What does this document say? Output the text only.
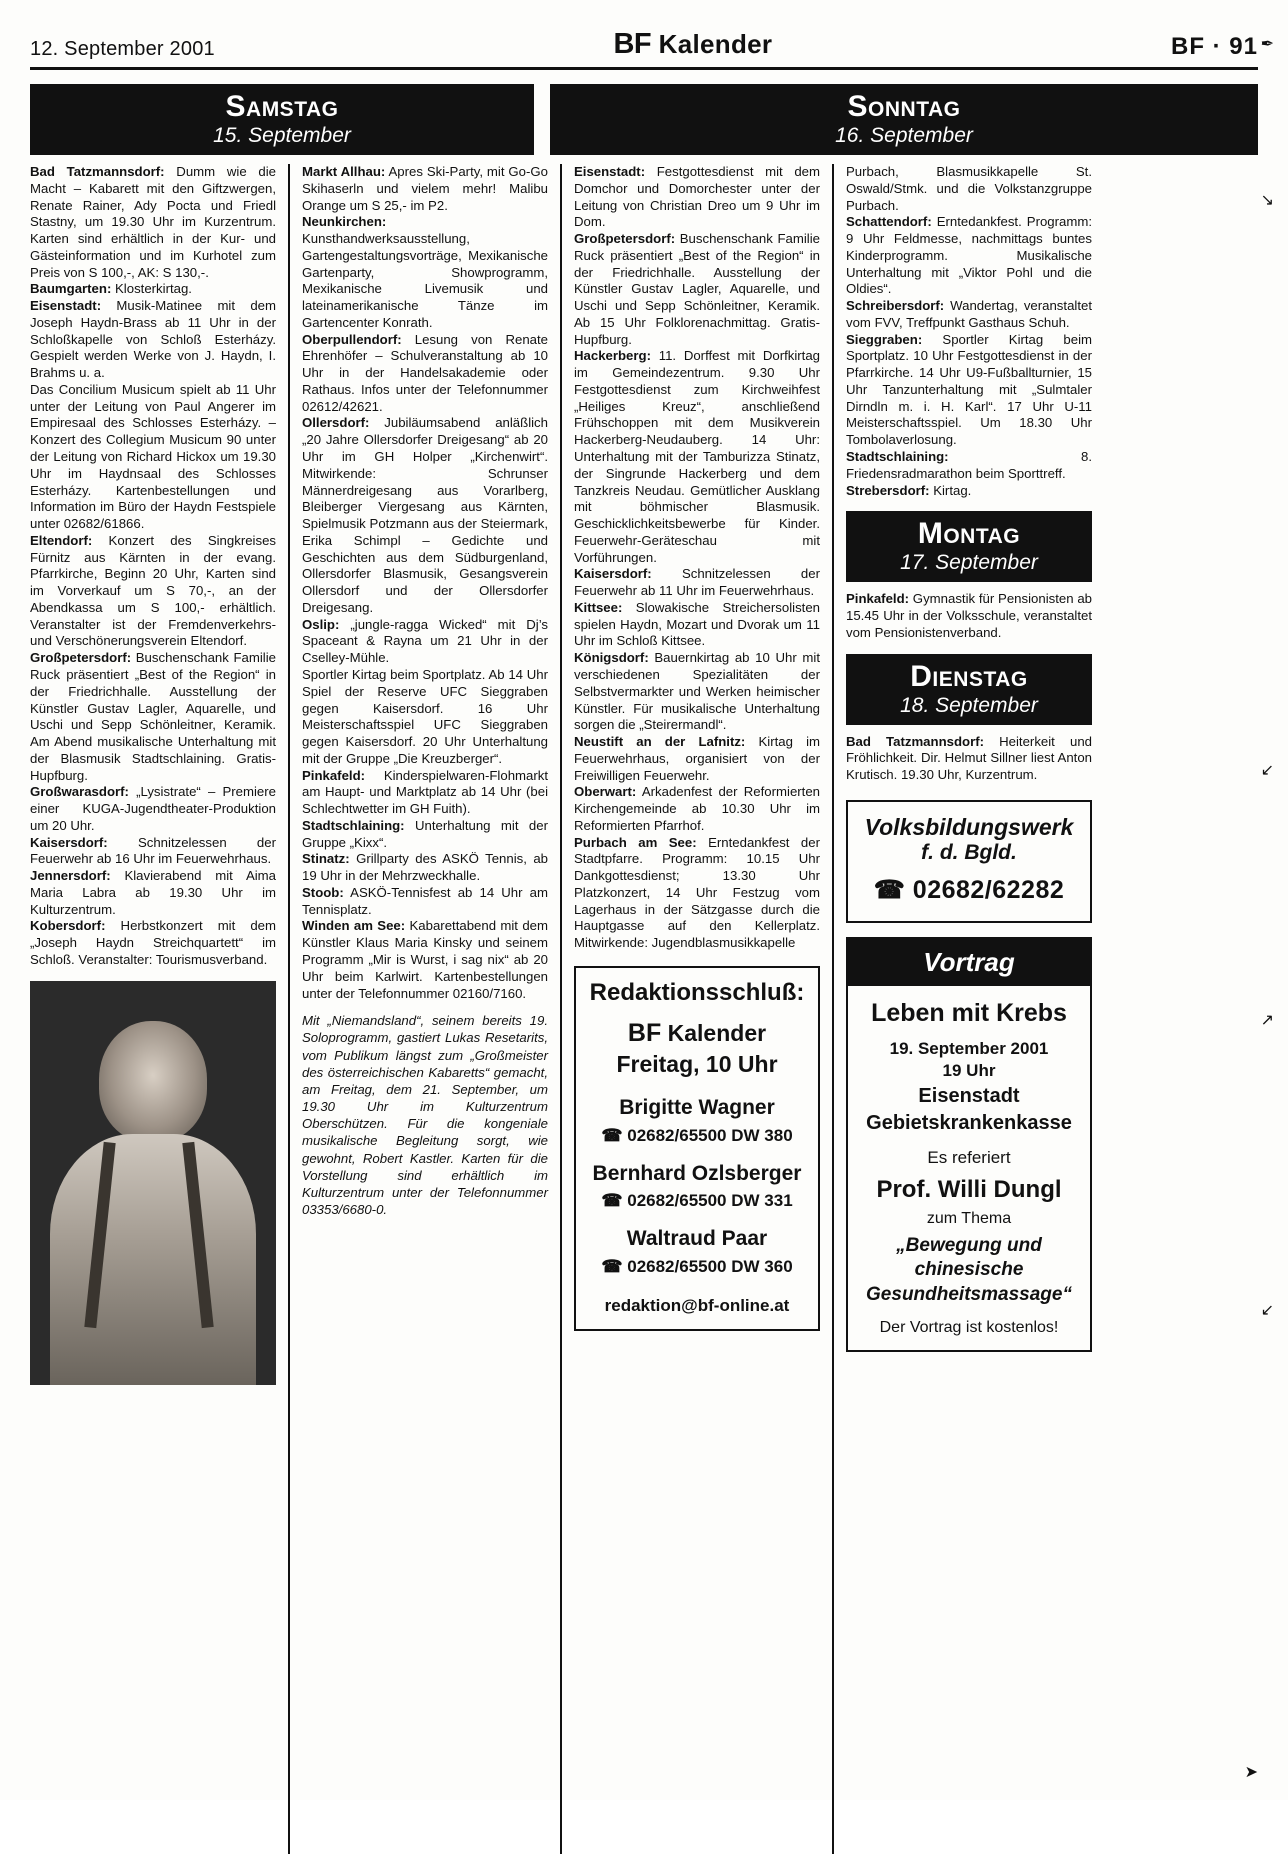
12. September 2001	BF Kalender	BF · 91
Samstag
15. September
Sonntag
16. September

Bad Tatzmannsdorf: Dumm wie die Macht – Kabarett mit den Giftzwergen, Renate Rainer, Ady Pocta und Friedl Stastny, um 19.30 Uhr im Kurzentrum. Karten sind erhältlich in der Kur- und Gästeinformation und im Kurhotel zum Preis von S 100,-, AK: S 130,-.

Baumgarten: Klosterkirtag.

Eisenstadt: Musik-Matinee mit dem Joseph Haydn-Brass ab 11 Uhr in der Schloßkapelle von Schloß Esterházy. Gespielt werden Werke von J. Haydn, I. Brahms u. a.

Das Concilium Musicum spielt ab 11 Uhr unter der Leitung von Paul Angerer im Empiresaal des Schlosses Esterházy. – Konzert des Collegium Musicum 90 unter der Leitung von Richard Hickox um 19.30 Uhr im Haydnsaal des Schlosses Esterházy. Kartenbestellungen und Information im Büro der Haydn Festspiele unter 02682/61866.

Eltendorf: Konzert des Singkreises Fürnitz aus Kärnten in der evang. Pfarrkirche, Beginn 20 Uhr, Karten sind im Vorverkauf um S 70,-, an der Abendkassa um S 100,- erhältlich. Veranstalter ist der Fremdenverkehrs- und Verschönerungsverein Eltendorf.

Großpetersdorf: Buschenschank Familie Ruck präsentiert „Best of the Region“ in der Friedrichhalle. Ausstellung der Künstler Gustav Lagler, Aquarelle, und Uschi und Sepp Schönleitner, Keramik. Am Abend musikalische Unterhaltung mit der Blasmusik Stadtschlaining. Gratis-Hupfburg.

Großwarasdorf: „Lysistrate“ – Premiere einer KUGA-Jugendtheater-Produktion um 20 Uhr.

Kaisersdorf: Schnitzelessen der Feuerwehr ab 16 Uhr im Feuerwehrhaus.

Jennersdorf: Klavierabend mit Aima Maria Labra ab 19.30 Uhr im Kulturzentrum.

Kobersdorf: Herbstkonzert mit dem „Joseph Haydn Streichquartett“ im Schloß. Veranstalter: Tourismusverband.

Markt Allhau: Apres Ski-Party, mit Go-Go Skihaserln und vielem mehr! Malibu Orange um S 25,- im P2.

Neunkirchen: Kunsthandwerksausstellung, Gartengestaltungsvorträge, Mexikanische Gartenparty, Showprogramm, Mexikanische Livemusik und lateinamerikanische Tänze im Gartencenter Konrath.

Oberpullendorf: Lesung von Renate Ehrenhöfer – Schulveranstaltung ab 10 Uhr in der Handelsakademie oder Rathaus. Infos unter der Telefonnummer 02612/42621.

Ollersdorf: Jubiläumsabend anläßlich „20 Jahre Ollersdorfer Dreigesang“ ab 20 Uhr im GH Holper „Kirchenwirt“. Mitwirkende: Schrunser Männerdreigesang aus Vorarlberg, Bleiberger Viergesang aus Kärnten, Spielmusik Potzmann aus der Steiermark, Erika Schimpl – Gedichte und Geschichten aus dem Südburgenland, Ollersdorfer Blasmusik, Gesangsverein Ollersdorf und der Ollersdorfer Dreigesang.

Oslip: „jungle-ragga Wicked“ mit Dj’s Spaceant & Rayna um 21 Uhr in der Cselley-Mühle.

Sportler Kirtag beim Sportplatz. Ab 14 Uhr Spiel der Reserve UFC Sieggraben gegen Kaisersdorf. 16 Uhr Meisterschaftsspiel UFC Sieggraben gegen Kaisersdorf. 20 Uhr Unterhaltung mit der Gruppe „Die Kreuzberger“.

Pinkafeld: Kinderspielwaren-Flohmarkt am Haupt- und Marktplatz ab 14 Uhr (bei Schlechtwetter im GH Fuith).

Stadtschlaining: Unterhaltung mit der Gruppe „Kixx“.

Stinatz: Grillparty des ASKÖ Tennis, ab 19 Uhr in der Mehrzweckhalle.

Stoob: ASKÖ-Tennisfest ab 14 Uhr am Tennisplatz.

Winden am See: Kabarettabend mit dem Künstler Klaus Maria Kinsky und seinem Programm „Mir is Wurst, i sag nix“ ab 20 Uhr beim Karlwirt. Kartenbestellungen unter der Telefonnummer 02160/7160.

Mit „Niemandsland“, seinem bereits 19. Soloprogramm, gastiert Lukas Resetarits, vom Publikum längst zum „Großmeister des österreichischen Kabaretts“ gemacht, am Freitag, dem 21. September, um 19.30 Uhr im Kulturzentrum Oberschützen. Für die kongeniale musikalische Begleitung sorgt, wie gewohnt, Robert Kastler. Karten für die Vorstellung sind erhältlich im Kulturzentrum unter der Telefonnummer 03353/6680-0.

Eisenstadt: Festgottesdienst mit dem Domchor und Domorchester unter der Leitung von Christian Dreo um 9 Uhr im Dom.

Großpetersdorf: Buschenschank Familie Ruck präsentiert „Best of the Region“ in der Friedrichhalle. Ausstellung der Künstler Gustav Lagler, Aquarelle, und Uschi und Sepp Schönleitner, Keramik. Ab 15 Uhr Folklorenachmittag. Gratis-Hupfburg.

Hackerberg: 11. Dorffest mit Dorfkirtag im Gemeindezentrum. 9.30 Uhr Festgottesdienst zum Kirchweihfest „Heiliges Kreuz“, anschließend Frühschoppen mit dem Musikverein Hackerberg-Neudauberg. 14 Uhr: Unterhaltung mit der Tamburizza Stinatz, der Singrunde Hackerberg und dem Tanzkreis Neudau. Gemütlicher Ausklang mit böhmischer Blasmusik. Geschicklichkeitsbewerbe für Kinder. Feuerwehr-Geräteschau mit Vorführungen.

Kaisersdorf: Schnitzelessen der Feuerwehr ab 11 Uhr im Feuerwehrhaus.

Kittsee: Slowakische Streichersolisten spielen Haydn, Mozart und Dvorak um 11 Uhr im Schloß Kittsee.

Königsdorf: Bauernkirtag ab 10 Uhr mit verschiedenen Spezialitäten der Selbstvermarkter und Werken heimischer Künstler. Für musikalische Unterhaltung sorgen die „Steirermandl“.

Neustift an der Lafnitz: Kirtag im Feuerwehrhaus, organisiert von der Freiwilligen Feuerwehr.

Oberwart: Arkadenfest der Reformierten Kirchengemeinde ab 10.30 Uhr im Reformierten Pfarrhof.

Purbach am See: Erntedankfest der Stadtpfarre. Programm: 10.15 Uhr Dankgottesdienst; 13.30 Uhr Platzkonzert, 14 Uhr Festzug vom Lagerhaus in der Sätzgasse durch die Hauptgasse auf den Kellerplatz. Mitwirkende: Jugendblasmusikkapelle

Redaktionsschluß:
BF Kalender
Freitag, 10 Uhr
Brigitte Wagner
☎ 02682/65500 DW 380
Bernhard Ozlsberger
☎ 02682/65500 DW 331
Waltraud Paar
☎ 02682/65500 DW 360
redaktion@bf-online.at

Purbach, Blasmusikkapelle St. Oswald/Stmk. und die Volkstanzgruppe Purbach.

Schattendorf: Erntedankfest. Programm: 9 Uhr Feldmesse, nachmittags buntes Kinderprogramm. Musikalische Unterhaltung mit „Viktor Pohl und die Oldies“.

Schreibersdorf: Wandertag, veranstaltet vom FVV, Treffpunkt Gasthaus Schuh.

Sieggraben: Sportler Kirtag beim Sportplatz. 10 Uhr Festgottesdienst in der Pfarrkirche. 14 Uhr U9-Fußballturnier, 15 Uhr Tanzunterhaltung mit „Sulmtaler Dirndln m. i. H. Karl“. 17 Uhr U-11 Meisterschaftsspiel. Um 18.30 Uhr Tombolaverlosung.

Stadtschlaining: 8. Friedensradmarathon beim Sporttreff.

Strebersdorf: Kirtag.

Montag
17. September

Pinkafeld: Gymnastik für Pensionisten ab 15.45 Uhr in der Volksschule, veranstaltet vom Pensionistenverband.

Dienstag
18. September

Bad Tatzmannsdorf: Heiterkeit und Fröhlichkeit. Dir. Helmut Sillner liest Anton Krutisch. 19.30 Uhr, Kurzentrum.

Volksbildungswerk
f. d. Bgld.
☎ 02682/62282
Vortrag
Leben mit Krebs
19. September 2001
19 Uhr
Eisenstadt
Gebietskrankenkasse
Es referiert
Prof. Willi Dungl
zum Thema
„Bewegung und chinesische Gesundheitsmassage“
Der Vortrag ist kostenlos!
✒
↘
↙
↗
↙
➤
